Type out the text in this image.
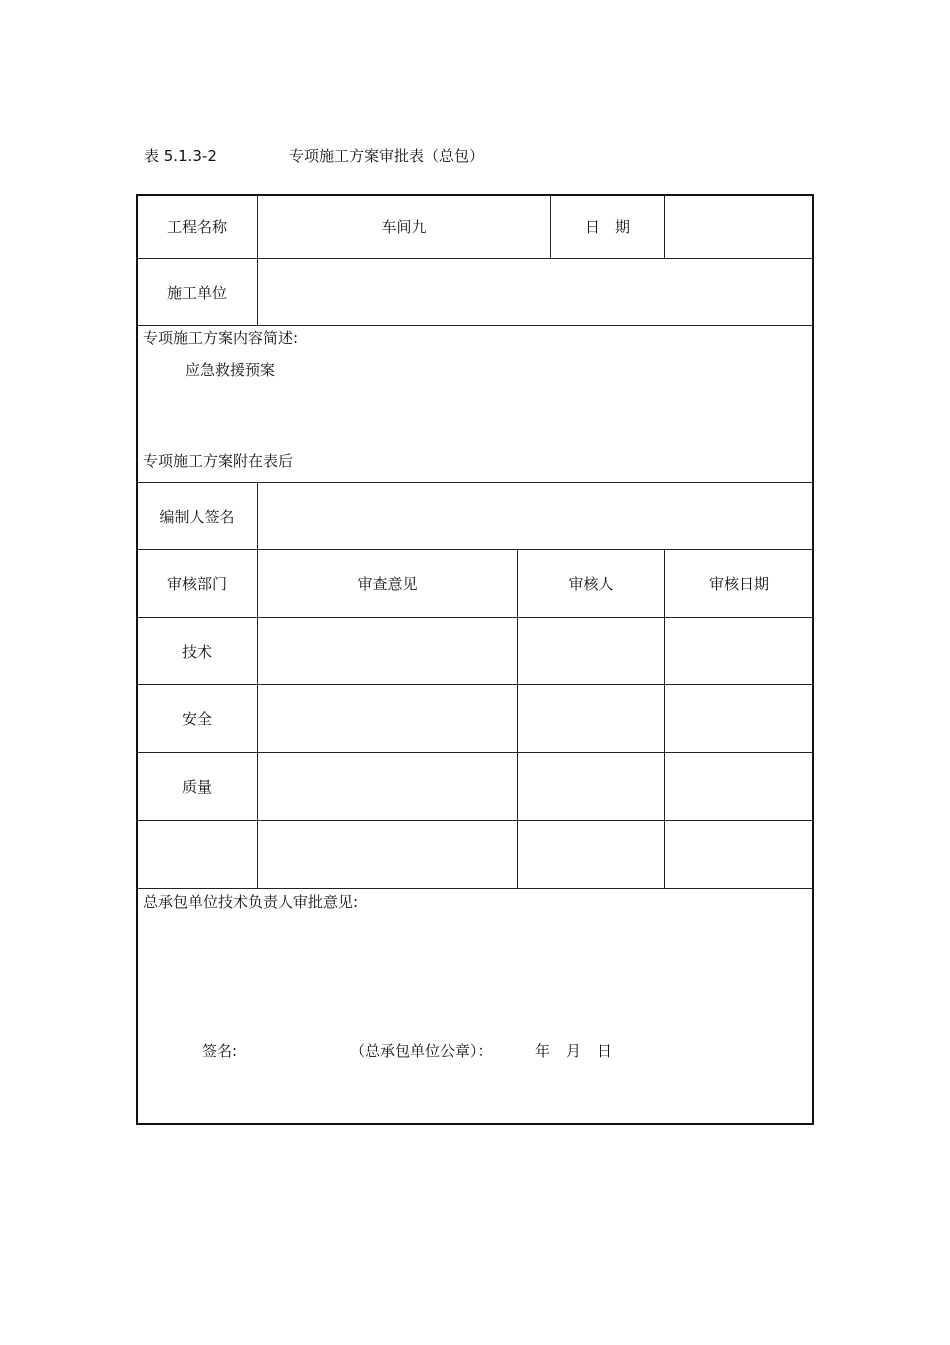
表 5.1.3-2	专项施工方案审批表（总包）
工程名称	车间九	日　期
施工单位
专项施工方案内容简述:
应急救援预案
专项施工方案附在表后
编制人签名
审核部门	审查意见	审核人	审核日期
技术
安全
质量
总承包单位技术负责人审批意见:
签名:	（总承包单位公章）：	年 月 日
